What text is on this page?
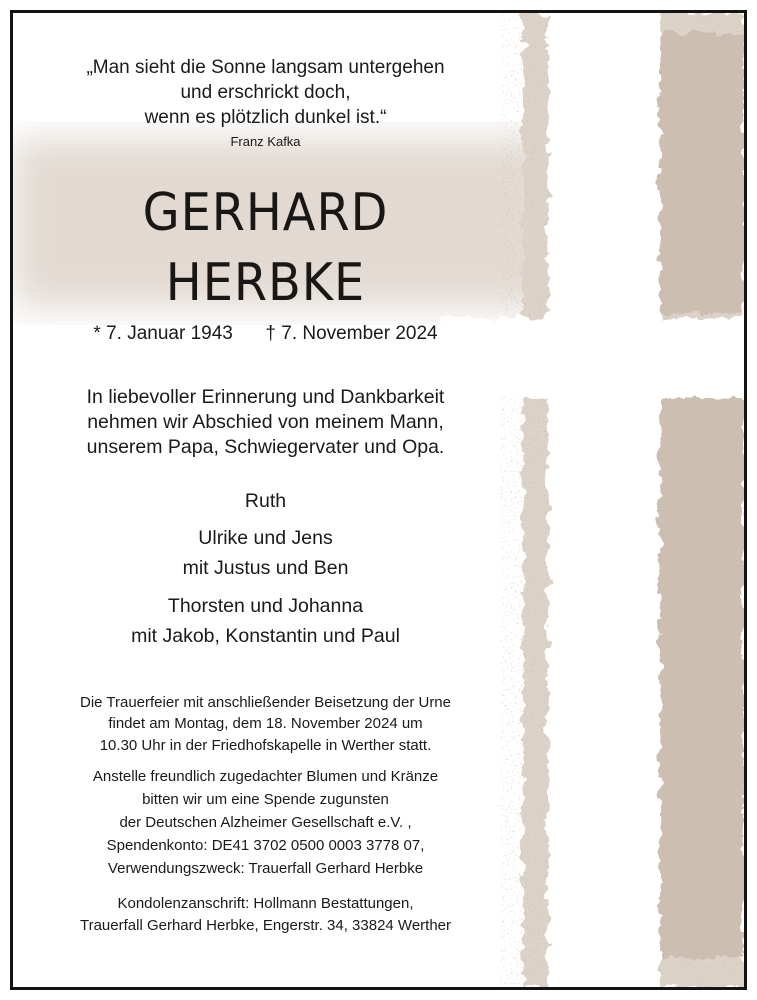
„Man sieht die Sonne langsam untergehen
und erschrickt doch,
wenn es plötzlich dunkel ist.“
Franz Kafka
GERHARD
HERBKE
* 7. Januar 1943 † 7. November 2024
In liebevoller Erinnerung und Dankbarkeit
nehmen wir Abschied von meinem Mann,
unserem Papa, Schwiegervater und Opa.
Ruth
Ulrike und Jens
mit Justus und Ben
Thorsten und Johanna
mit Jakob, Konstantin und Paul
Die Trauerfeier mit anschließender Beisetzung der Urne
findet am Montag, dem 18. November 2024 um
10.30 Uhr in der Friedhofskapelle in Werther statt.
Anstelle freundlich zugedachter Blumen und Kränze
bitten wir um eine Spende zugunsten
der Deutschen Alzheimer Gesellschaft e.V. ,
Spendenkonto: DE41 3702 0500 0003 3778 07,
Verwendungszweck: Trauerfall Gerhard Herbke
Kondolenzanschrift: Hollmann Bestattungen,
Trauerfall Gerhard Herbke, Engerstr. 34, 33824 Werther
